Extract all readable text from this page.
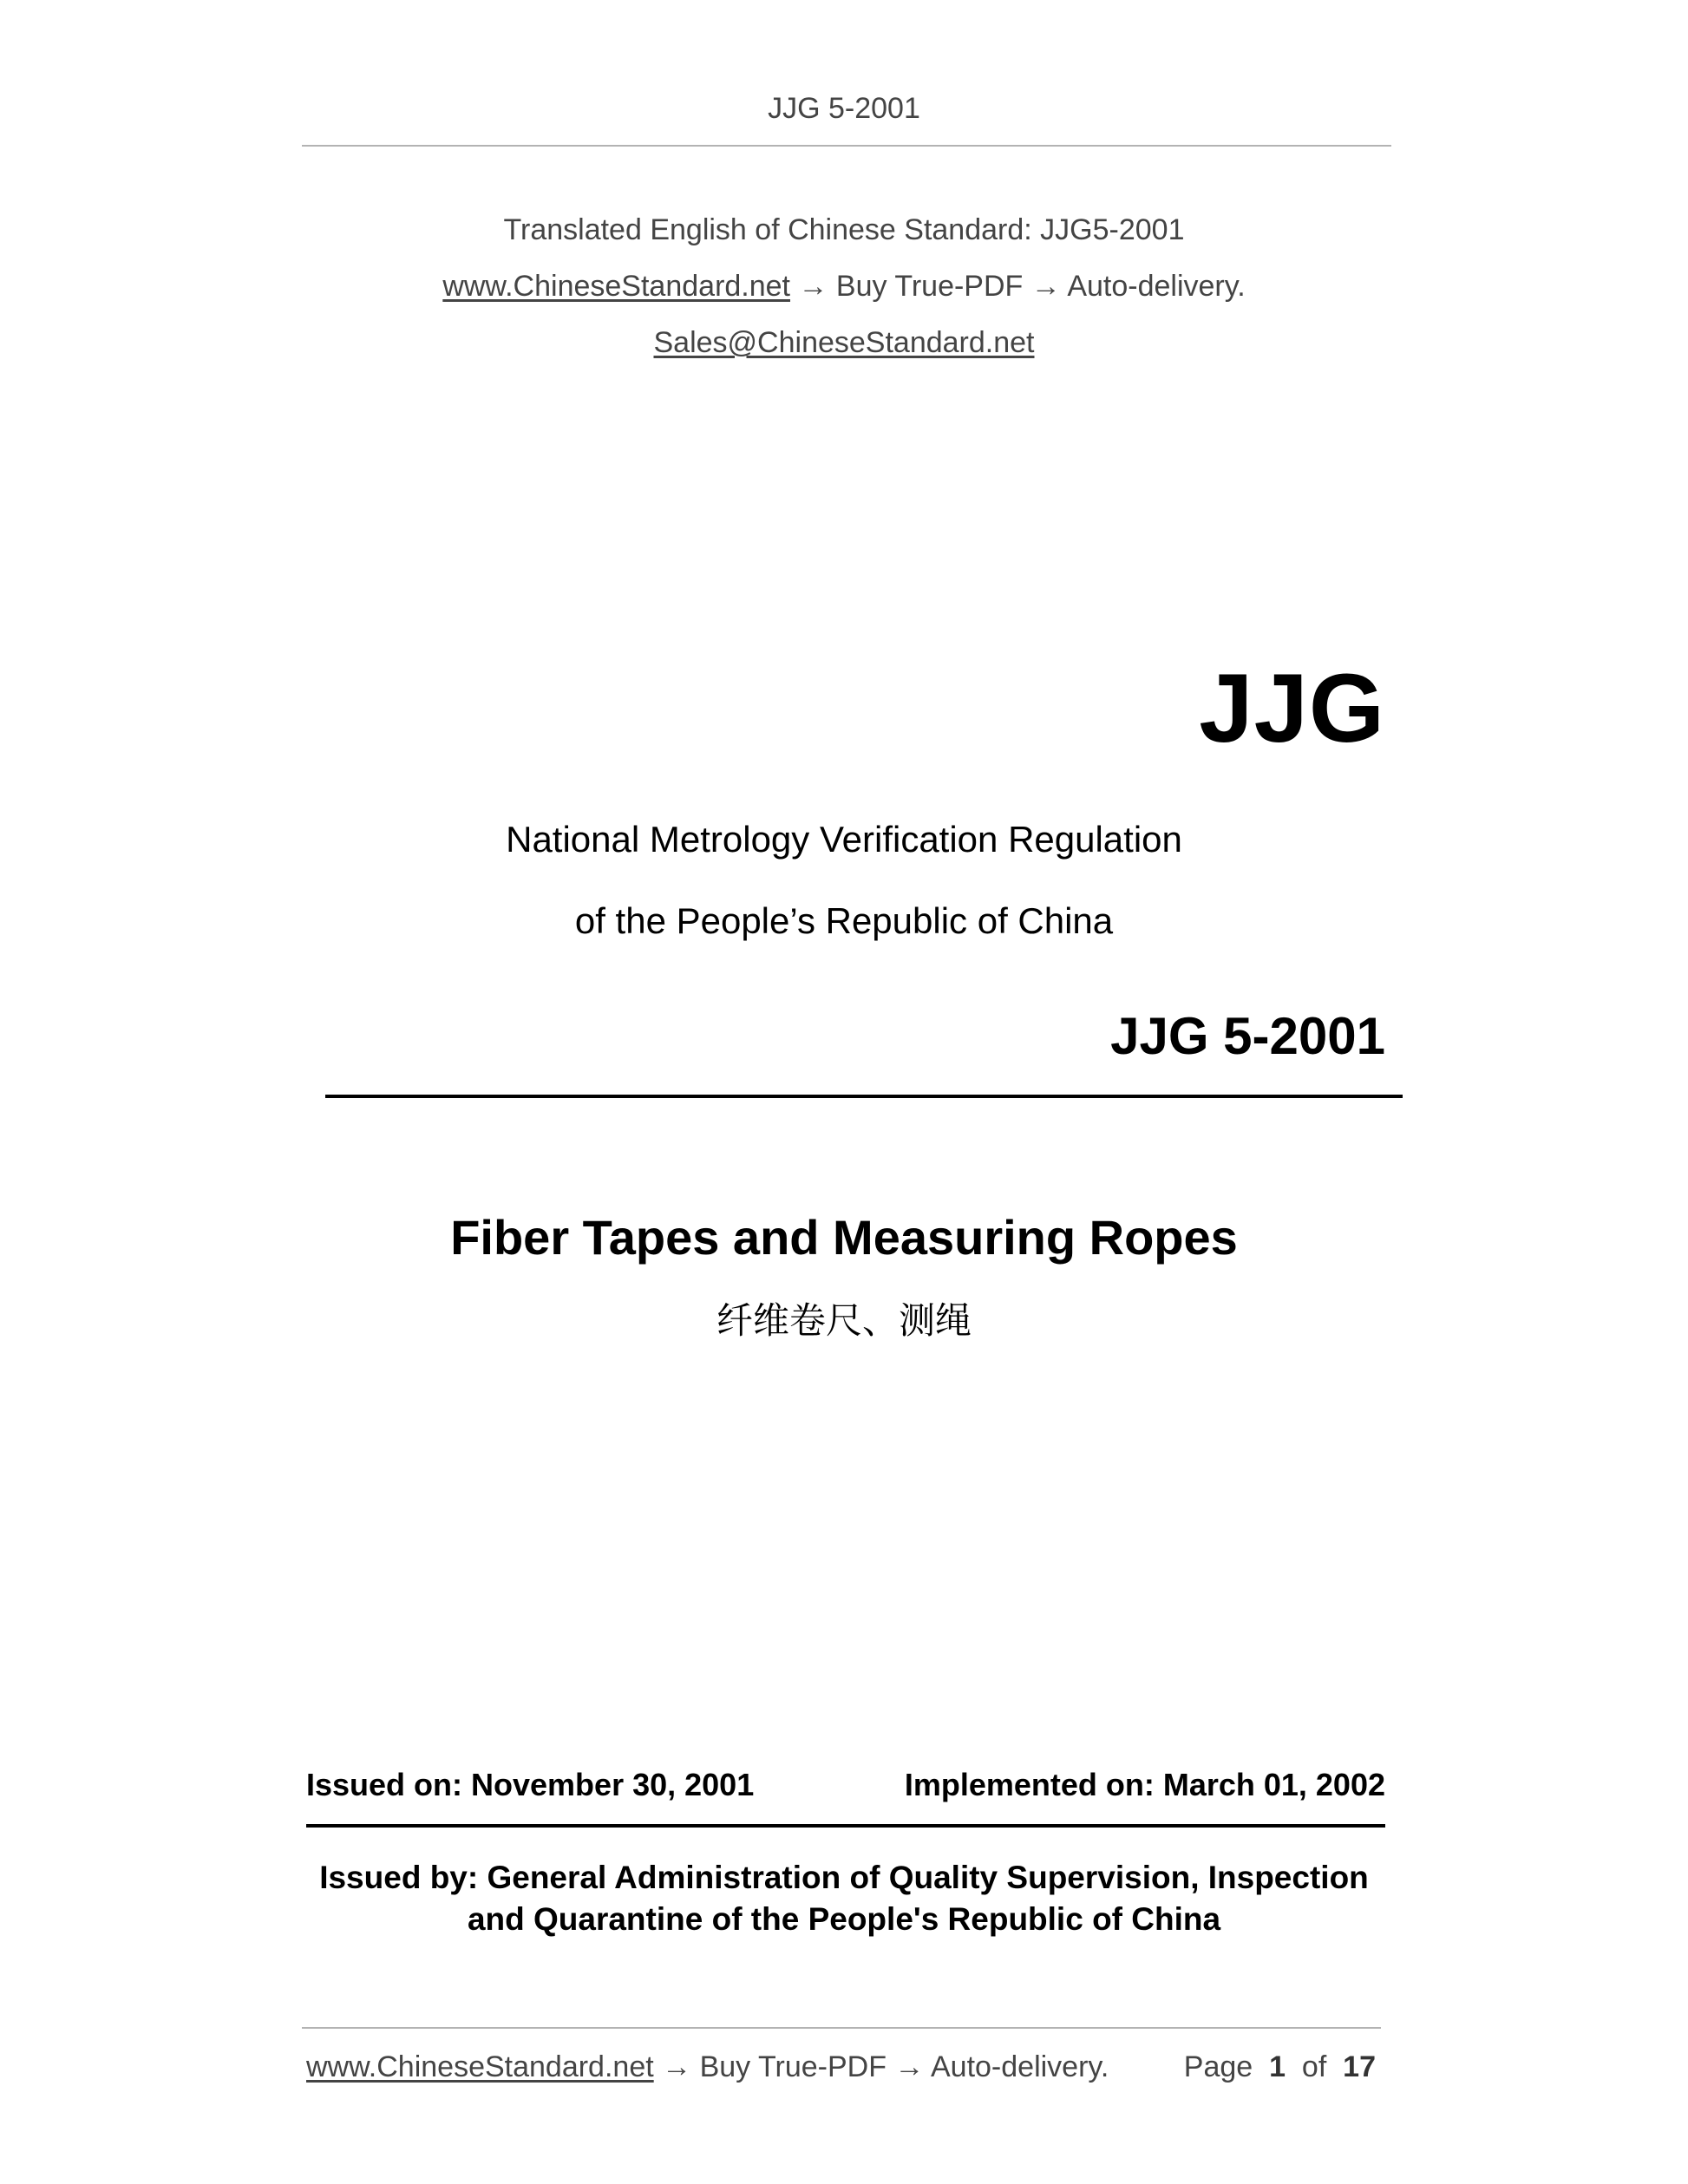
JJG 5-2001
Translated English of Chinese Standard: JJG5-2001
www.ChineseStandard.net → Buy True-PDF → Auto-delivery.
Sales@ChineseStandard.net
JJG
National Metrology Verification Regulation
of the People’s Republic of China
JJG 5-2001
Fiber Tapes and Measuring Ropes
纤维卷尺、测绳
Issued on: November 30, 2001	Implemented on: March 01, 2002
Issued by: General Administration of Quality Supervision, Inspection
and Quarantine of the People's Republic of China
www.ChineseStandard.net → Buy True-PDF → Auto-delivery.	Page 1 of 17
